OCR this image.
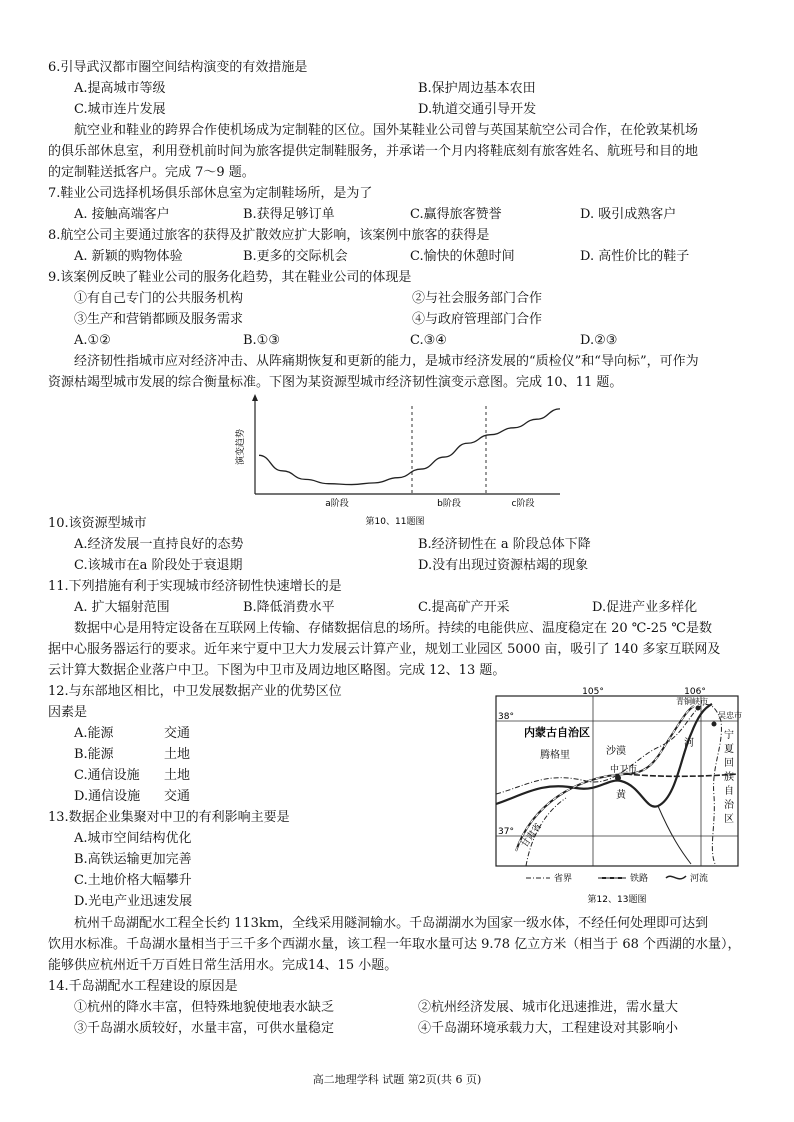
6.引导武汉都市圈空间结构演变的有效措施是
A.提高城市等级	B.保护周边基本农田
C.城市连片发展	D.轨道交通引导开发
航空业和鞋业的跨界合作使机场成为定制鞋的区位。国外某鞋业公司曾与英国某航空公司合作，在伦敦某机场
的俱乐部休息室，利用登机前时间为旅客提供定制鞋服务，并承诺一个月内将鞋底刻有旅客姓名、航班号和目的地
的定制鞋送抵客户。完成 7～9 题。
7.鞋业公司选择机场俱乐部休息室为定制鞋场所，是为了
A. 接触高端客户	B.获得足够订单	C.赢得旅客赞誉	D. 吸引成熟客户
8.航空公司主要通过旅客的获得及扩散效应扩大影响，该案例中旅客的获得是
A. 新颖的购物体验	B.更多的交际机会	C.愉快的休憩时间	D. 高性价比的鞋子
9.该案例反映了鞋业公司的服务化趋势，其在鞋业公司的体现是
①有自己专门的公共服务机构	②与社会服务部门合作
③生产和营销都顾及服务需求	④与政府管理部门合作
A.①②	B.①③	C.③④	D.②③
经济韧性指城市应对经济冲击、从阵痛期恢复和更新的能力，是城市经济发展的“质检仪”和“导向标”，可作为
资源枯竭型城市发展的综合衡量标准。下图为某资源型城市经济韧性演变示意图。完成 10、11 题。
演变趋势
a阶段	b阶段	c阶段
第10、11题图
10.该资源型城市
A.经济发展一直持良好的态势	B.经济韧性在 a 阶段总体下降
C.该城市在a 阶段处于衰退期	D.没有出现过资源枯竭的现象
11.下列措施有利于实现城市经济韧性快速增长的是
A. 扩大辐射范围	B.降低消费水平	C.提高矿产开采	D.促进产业多样化
数据中心是用特定设备在互联网上传输、存储数据信息的场所。持续的电能供应、温度稳定在 20 ℃-25 ℃是数
据中心服务器运行的要求。近年来宁夏中卫大力发展云计算产业，规划工业园区 5000 亩，吸引了 140 多家互联网及
云计算大数据企业落户中卫。下图为中卫市及周边地区略图。完成 12、13 题。
12.与东部地区相比，中卫发展数据产业的优势区位
因素是
A.能源	交通
B.能源	土地
C.通信设施 土地
D.通信设施 交通
13.数据企业集聚对中卫的有利影响主要是
A.城市空间结构优化
B.高铁运输更加完善
C.土地价格大幅攀升
D.光电产业迅速发展
105°	106°
38°
37°
内蒙古自治区
腾格里	沙漠
中卫市
黄
河
甘肃省
青铜峡市
吴忠市
宁
夏
回
族
自
治
区
省界	铁路	河流
第12、13题图
杭州千岛湖配水工程全长约 113km，全线采用隧洞输水。千岛湖湖水为国家一级水体，不经任何处理即可达到
饮用水标准。千岛湖水量相当于三千多个西湖水量，该工程一年取水量可达 9.78 亿立方米（相当于 68 个西湖的水量），
能够供应杭州近千万百姓日常生活用水。完成14、15 小题。
14.千岛湖配水工程建设的原因是
①杭州的降水丰富，但特殊地貌使地表水缺乏	②杭州经济发展、城市化迅速推进，需水量大
③千岛湖水质较好，水量丰富，可供水量稳定	④千岛湖环境承载力大，工程建设对其影响小
高二地理学科 试题 第2页(共 6 页)
